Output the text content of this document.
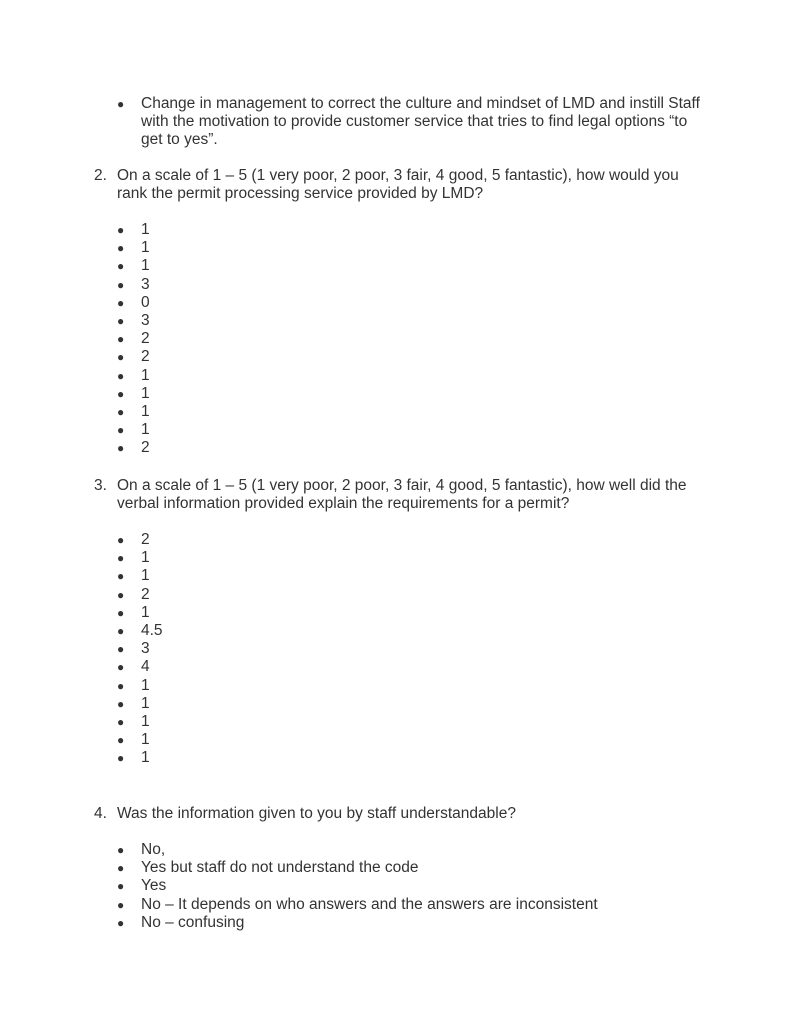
● Change in management to correct the culture and mindset of LMD and instill Staff with the motivation to provide customer service that tries to find legal options “to get to yes”.
2. On a scale of 1 – 5 (1 very poor, 2 poor, 3 fair, 4 good, 5 fantastic), how would you rank the permit processing service provided by LMD?
● 1
● 1
● 1
● 3
● 0
● 3
● 2
● 2
● 1
● 1
● 1
● 1
● 2
3. On a scale of 1 – 5 (1 very poor, 2 poor, 3 fair, 4 good, 5 fantastic), how well did the verbal information provided explain the requirements for a permit?
● 2
● 1
● 1
● 2
● 1
● 4.5
● 3
● 4
● 1
● 1
● 1
● 1
● 1
4. Was the information given to you by staff understandable?
● No,
● Yes but staff do not understand the code
● Yes
● No – It depends on who answers and the answers are inconsistent
● No – confusing
